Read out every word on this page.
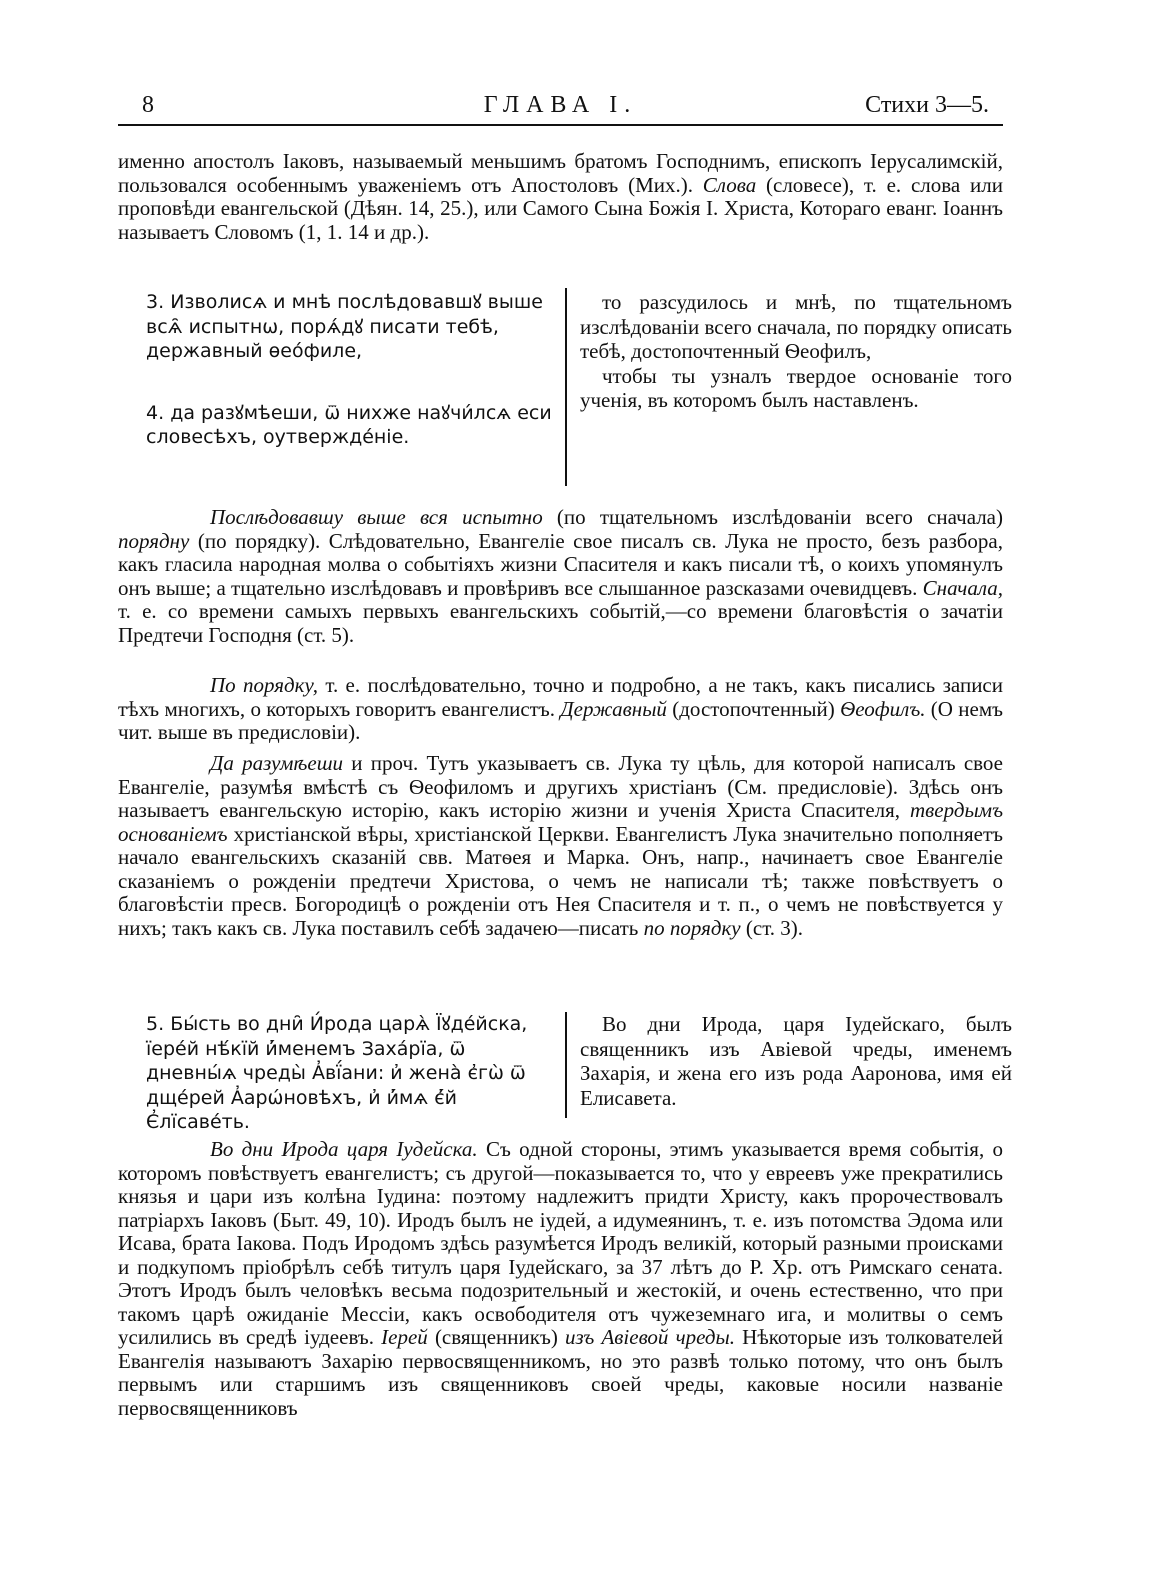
8	ГЛАВА I.	Стихи 3—5.

именно апостолъ Іаковъ, называемый меньшимъ братомъ Господнимъ, епископъ Іерусалимскій, пользовался особеннымъ уваженіемъ отъ Апостоловъ (Мих.). Слова (словесе), т. е. слова или проповѣди евангельской (Дѣян. 14, 25.), или Самого Сына Божія І. Христа, Котораго еванг. Іоаннъ называетъ Словомъ (1, 1. 14 и др.).

3. Изволисѧ и мнѣ послѣдовавшꙋ выше всѧ̑ испытнѡ, порѧ́дꙋ писати тебѣ, державный ѳео́филе,

4. да разꙋмѣеши, ѿ нихже наꙋчи́лсѧ еси словесѣхъ, оутвержде́ніе.

то разсудилось и мнѣ, по тщательномъ изслѣдованіи всего сначала, по порядку описать тебѣ, достопочтенный Ѳеофилъ,

чтобы ты узналъ твердое основаніе того ученія, въ которомъ былъ наставленъ.

Послѣдовавшу выше вся испытно (по тщательномъ изслѣдованіи всего сначала) порядну (по порядку). Слѣдовательно, Евангеліе свое писалъ св. Лука не просто, безъ разбора, какъ гласила народная молва о событіяхъ жизни Спасителя и какъ писали тѣ, о коихъ упомянулъ онъ выше; а тщательно изслѣдовавъ и провѣривъ все слышанное разсказами очевидцевъ. Сначала, т. е. со времени самыхъ первыхъ евангельскихъ событій,—со времени благовѣстія о зачатіи Предтечи Господня (ст. 5).

По порядку, т. е. послѣдовательно, точно и подробно, а не такъ, какъ писались записи тѣхъ многихъ, о которыхъ говоритъ евангелистъ. Державный (достопочтенный) Ѳеофилъ. (О немъ чит. выше въ предисловіи).

Да разумѣеши и проч. Тутъ указываетъ св. Лука ту цѣль, для которой написалъ свое Евангеліе, разумѣя вмѣстѣ съ Ѳеофиломъ и другихъ христіанъ (См. предисловіе). Здѣсь онъ называетъ евангельскую исторію, какъ исторію жизни и ученія Христа Спасителя, твердымъ основаніемъ христіанской вѣры, христіанской Церкви. Евангелистъ Лука значительно пополняетъ начало евангельскихъ сказаній свв. Матѳея и Марка. Онъ, напр., начинаетъ свое Евангеліе сказаніемъ о рожденіи предтечи Христова, о чемъ не написали тѣ; также повѣствуетъ о благовѣстіи пресв. Богородицѣ о рожденіи отъ Нея Спасителя и т. п., о чемъ не повѣствуется у нихъ; такъ какъ св. Лука поставилъ себѣ задачею—писать по порядку (ст. 3).

5. Бы́сть во дни̑ И́рода царѧ̀ Їꙋде́йска, їере́й нѣ́кїй и҆́менемъ Заха́рїа, ѿ дневны́ѧ чреды̀ А҆вї́ани: и҆ жена̀ є҆гѡ̀ ѿ дще́рей А҆арѡ́новѣхъ, и҆ и҆́мѧ є҆́й Є҆лїсаве́ть.

Во дни Ирода, царя Іудейскаго, былъ священникъ изъ Авіевой чреды, именемъ Захарія, и жена его изъ рода Ааронова, имя ей Елисавета.

Во дни Ирода царя Іудейска. Съ одной стороны, этимъ указывается время событія, о которомъ повѣствуетъ евангелистъ; съ другой—показывается то, что у евреевъ уже прекратились князья и цари изъ колѣна Іудина: поэтому надлежитъ придти Христу, какъ пророчествовалъ патріархъ Іаковъ (Быт. 49, 10). Иродъ былъ не іудей, а идумеянинъ, т. е. изъ потомства Эдома или Исава, брата Іакова. Подъ Иродомъ здѣсь разумѣется Иродъ великій, который разными происками и подкупомъ пріобрѣлъ себѣ титулъ царя Іудейскаго, за 37 лѣтъ до Р. Хр. отъ Римскаго сената. Этотъ Иродъ былъ человѣкъ весьма подозрительный и жестокій, и очень естественно, что при такомъ царѣ ожиданіе Мессіи, какъ освободителя отъ чужеземнаго ига, и молитвы о семъ усилились въ средѣ іудеевъ. Іерей (священникъ) изъ Авіевой чреды. Нѣкоторые изъ толкователей Евангелія называютъ Захарію первосвященникомъ, но это развѣ только потому, что онъ былъ первымъ или старшимъ изъ священниковъ своей чреды, каковые носили названіе первосвященниковъ
